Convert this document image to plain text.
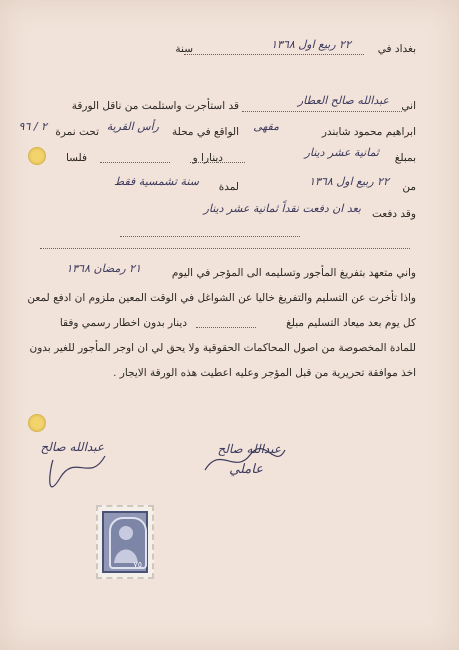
بغداد في
٢٢ ربيع اول ١٣٦٨
سنة
اني
عبدالله صالح العطار
قد استأجرت واستلمت من ناقل الورقة
ابراهيم محمود شابندر
مقهى
الواقع في محلة
رأس القرية
تحت نمرة
٢ / ٩٦
بمبلغ
ثمانية عشر دينار
دينارا و
فلسا
من
٢٢ ربيع اول ١٣٦٨
لمدة
سنة تشمسية فقط
وقد دفعت
بعد ان دفعت نقداً ثمانية عشر دينار
واني متعهد بتفريغ المأجور وتسليمه الى المؤجر في اليوم
٢١ رمضان ١٣٦٨
واذا تأخرت عن التسليم والتفريغ خاليا عن الشواغل في الوقت المعين ملزوم ان ادفع لمعن
كل يوم بعد ميعاد التسليم مبلغ
دينار بدون اخطار رسمي وفقا
للمادة المخصوصة من اصول المحاكمات الحقوقية ولا يحق لي ان اوجر المأجور للغير بدون
اخذ موافقة تحريرية من قبل المؤجر وعليه اعطيت هذه الورقة الايجار .
عبدالله صالح
عاملي
عبدالله صالح
٧٥
